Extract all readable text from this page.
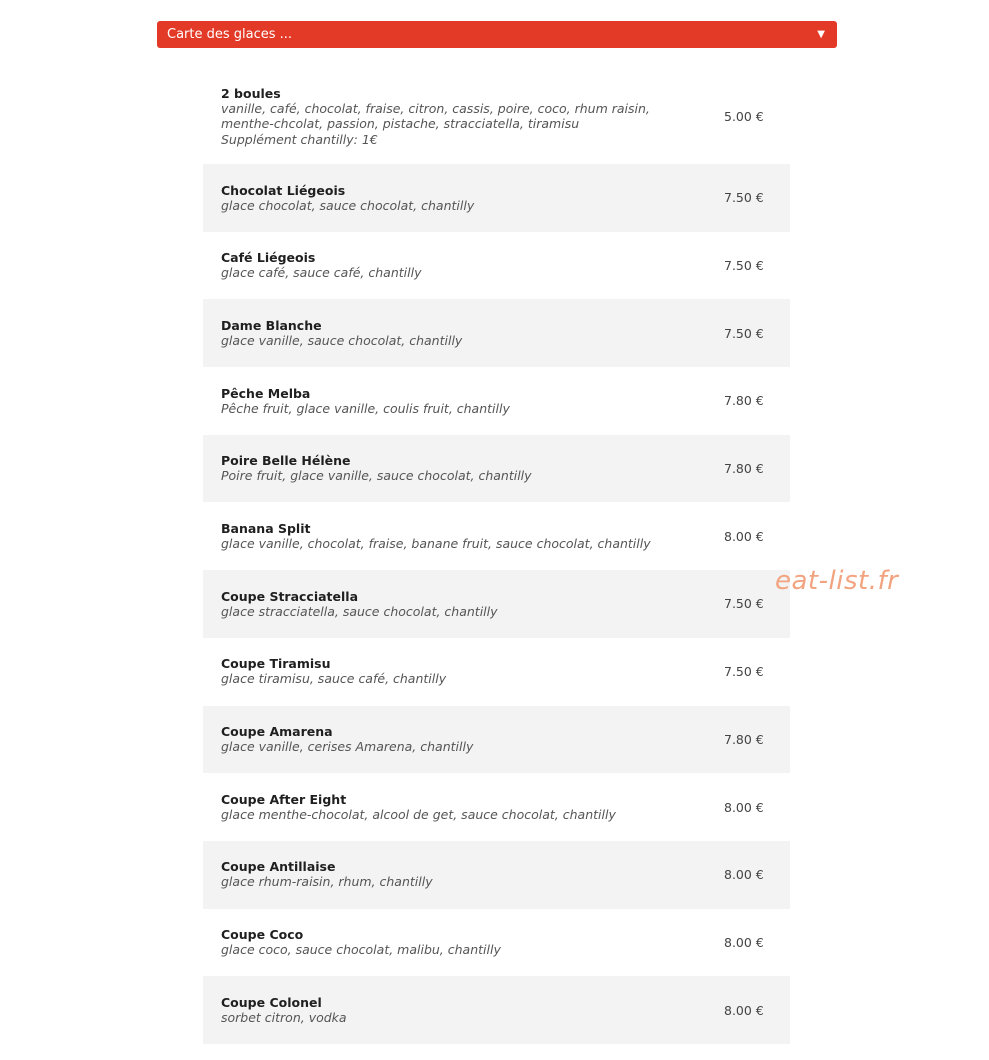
Carte des glaces ...	▼
2 boules
vanille, café, chocolat, fraise, citron, cassis, poire, coco, rhum raisin,
menthe-chcolat, passion, pistache, stracciatella, tiramisu
Supplément chantilly: 1€
5.00 €
Chocolat Liégeois
glace chocolat, sauce chocolat, chantilly	7.50 €
Café Liégeois
glace café, sauce café, chantilly	7.50 €
Dame Blanche
glace vanille, sauce chocolat, chantilly	7.50 €
Pêche Melba
Pêche fruit, glace vanille, coulis fruit, chantilly	7.80 €
Poire Belle Hélène
Poire fruit, glace vanille, sauce chocolat, chantilly	7.80 €
Banana Split
glace vanille, chocolat, fraise, banane fruit, sauce chocolat, chantilly	8.00 €
Coupe Stracciatella
glace stracciatella, sauce chocolat, chantilly	7.50 €
Coupe Tiramisu
glace tiramisu, sauce café, chantilly	7.50 €
Coupe Amarena
glace vanille, cerises Amarena, chantilly	7.80 €
Coupe After Eight
glace menthe-chocolat, alcool de get, sauce chocolat, chantilly	8.00 €
Coupe Antillaise
glace rhum-raisin, rhum, chantilly	8.00 €
Coupe Coco
glace coco, sauce chocolat, malibu, chantilly	8.00 €
Coupe Colonel
sorbet citron, vodka	8.00 €
eat-list.fr
